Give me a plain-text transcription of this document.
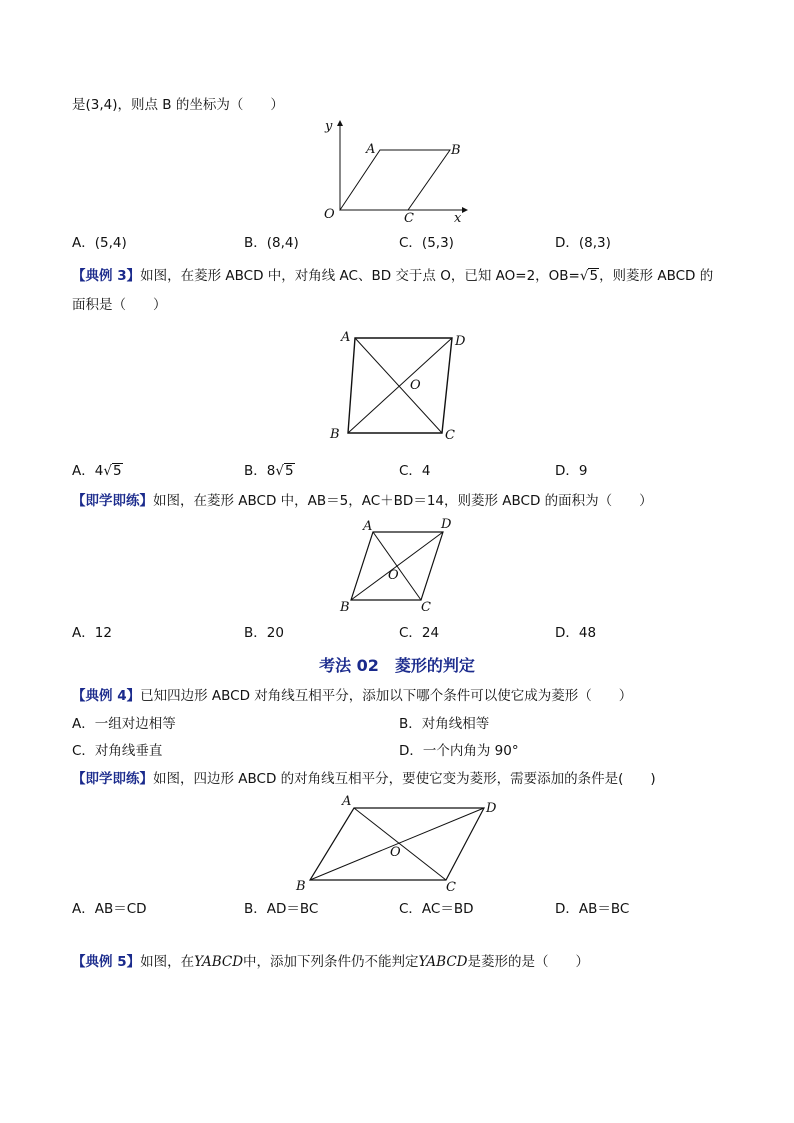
是(3,4)，则点 B 的坐标为（　　）
y
x
O
A	B
C
A．(5,4)	B．(8,4)	C．(5,3)	D．(8,3)
【典例 3】如图，在菱形 ABCD 中，对角线 AC、BD 交于点 O，已知 AO=2，OB=√5，则菱形 ABCD 的
面积是（　　）
A	D
O
B	C
A．4√5	B．8√5	C．4	D．9
【即学即练】如图，在菱形 ABCD 中，AB＝5，AC＋BD＝14，则菱形 ABCD 的面积为（　　）
A	D
O
B	C
A．12	B．20	C．24	D．48
考法 02　菱形的判定
【典例 4】已知四边形 ABCD 对角线互相平分，添加以下哪个条件可以使它成为菱形（　　）
A．一组对边相等	B．对角线相等
C．对角线垂直	D．一个内角为 90°
【即学即练】如图，四边形 ABCD 的对角线互相平分，要使它变为菱形，需要添加的条件是(　　)
A	D
O
B	C
A．AB＝CD	B．AD＝BC	C．AC＝BD	D．AB＝BC
【典例 5】如图，在YABCD中，添加下列条件仍不能判定YABCD是菱形的是（　　）
